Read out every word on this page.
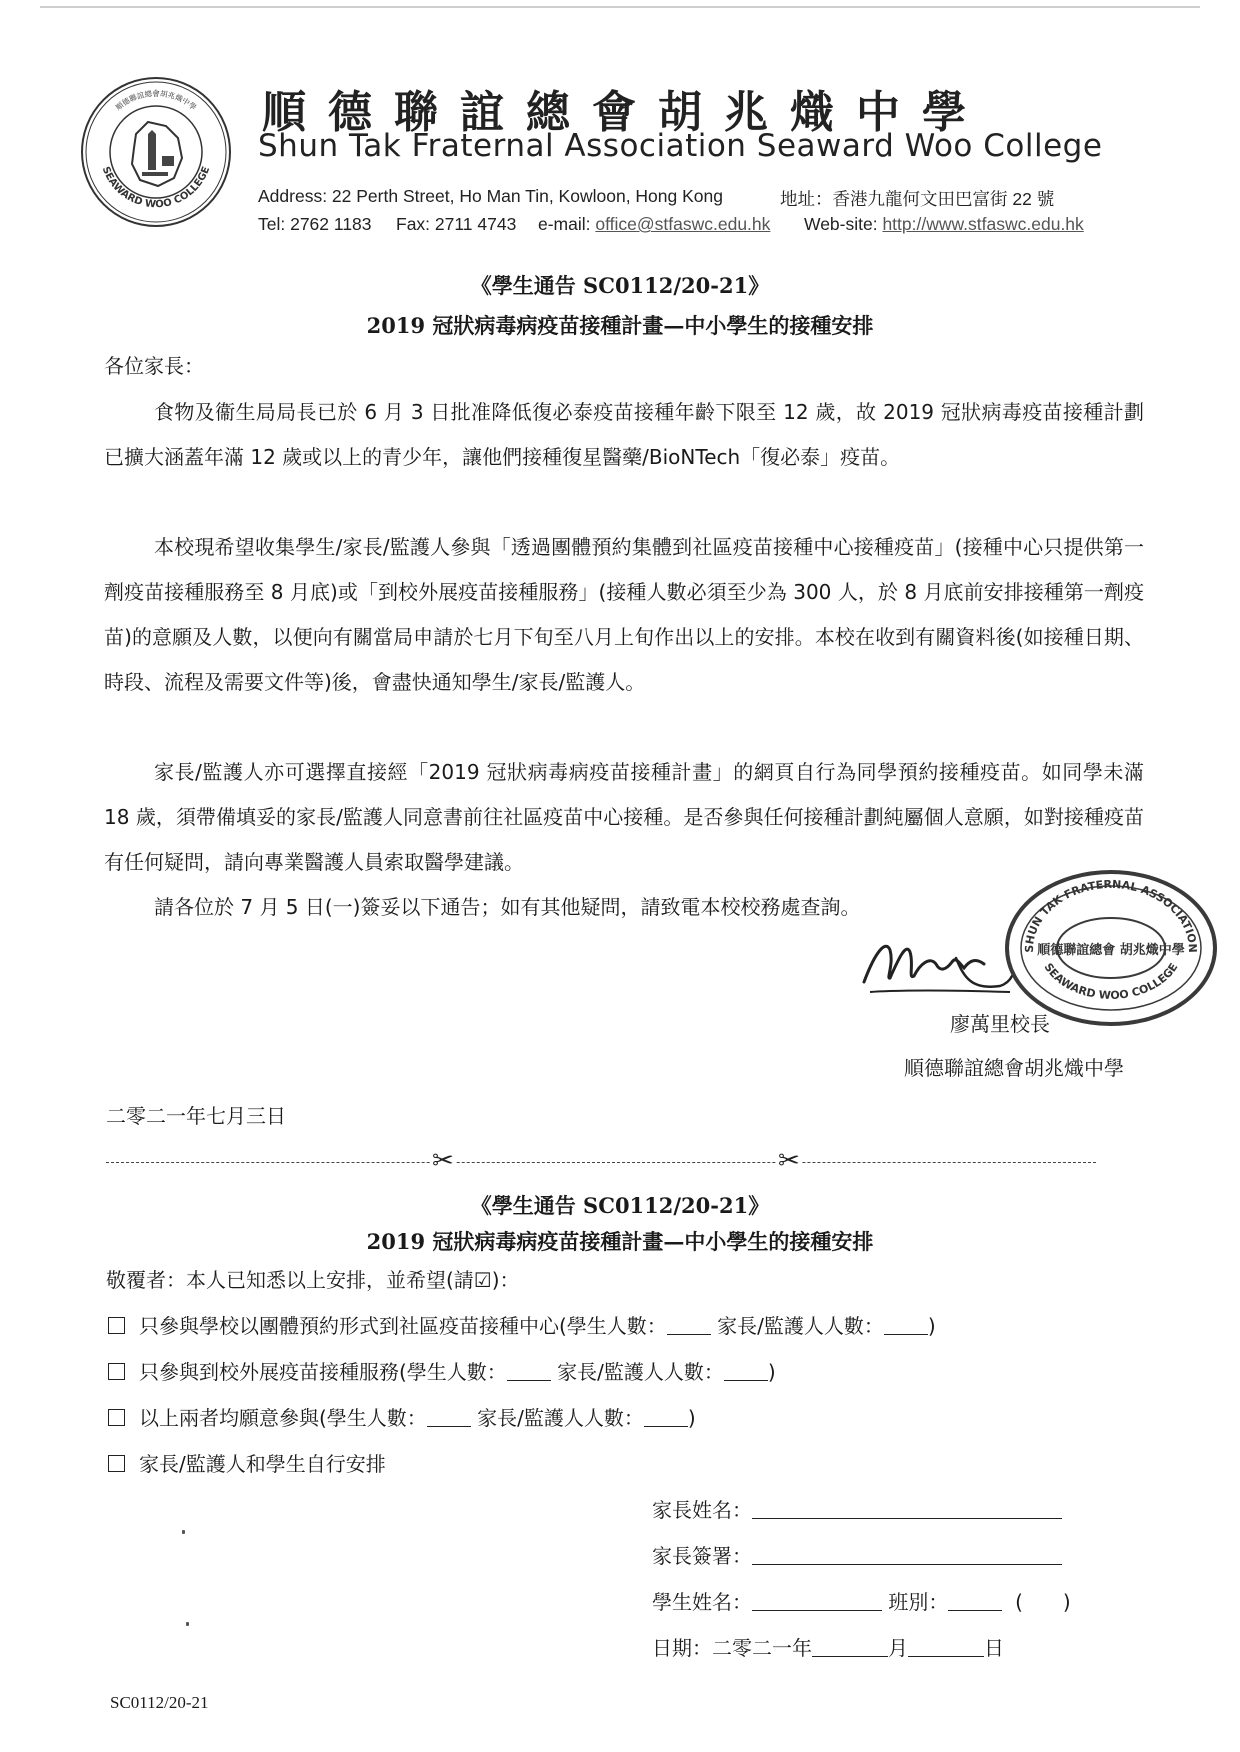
順德聯誼總會胡兆熾中學
SEAWARD WOO COLLEGE
順德聯誼總會胡兆熾中學
Shun Tak Fraternal Association Seaward Woo College
Address: 22 Perth Street, Ho Man Tin, Kowloon, Hong Kong	地址：香港九龍何文田巴富街 22 號
Tel: 2762 1183 Fax: 2711 4743 e-mail: office@stfaswc.edu.hk Web-site: http://www.stfaswc.edu.hk
《學生通告 SC0112/20-21》
2019 冠狀病毒病疫苗接種計畫—中小學生的接種安排
各位家長：

食物及衞生局局長已於 6 月 3 日批准降低復必泰疫苗接種年齡下限至 12 歲，故 2019 冠狀病毒疫苗接種計劃已擴大涵蓋年滿 12 歲或以上的青少年，讓他們接種復星醫藥/BioNTech「復必泰」疫苗。

本校現希望收集學生/家長/監護人參與「透過團體預約集體到社區疫苗接種中心接種疫苗」(接種中心只提供第一劑疫苗接種服務至 8 月底)或「到校外展疫苗接種服務」(接種人數必須至少為 300 人，於 8 月底前安排接種第一劑疫苗)的意願及人數，以便向有關當局申請於七月下旬至八月上旬作出以上的安排。本校在收到有關資料後(如接種日期、時段、流程及需要文件等)後，會盡快通知學生/家長/監護人。

家長/監護人亦可選擇直接經「2019 冠狀病毒病疫苗接種計畫」的網頁自行為同學預約接種疫苗。如同學未滿 18 歲，須帶備填妥的家長/監護人同意書前往社區疫苗中心接種。是否參與任何接種計劃純屬個人意願，如對接種疫苗有任何疑問，請向專業醫護人員索取醫學建議。

請各位於 7 月 5 日(一)簽妥以下通告；如有其他疑問，請致電本校校務處查詢。

SHUN TAK FRATERNAL ASSOCIATION
SEAWARD WOO COLLEGE
順德聯誼總會 胡兆熾中學
廖萬里校長
順德聯誼總會胡兆熾中學
二零二一年七月三日
✂	✂
《學生通告 SC0112/20-21》
2019 冠狀病毒病疫苗接種計畫—中小學生的接種安排
敬覆者：本人已知悉以上安排，並希望(請☑)：
只參與學校以團體預約形式到社區疫苗接種中心(學生人數： 家長/監護人人數： )
只參與到校外展疫苗接種服務(學生人數： 家長/監護人人數： )
以上兩者均願意參與(學生人數： 家長/監護人人數： )
家長/監護人和學生自行安排
家長姓名：
家長簽署：
學生姓名：	班別：	(　　)
日期：二零二一年	月	日
SC0112/20-21
